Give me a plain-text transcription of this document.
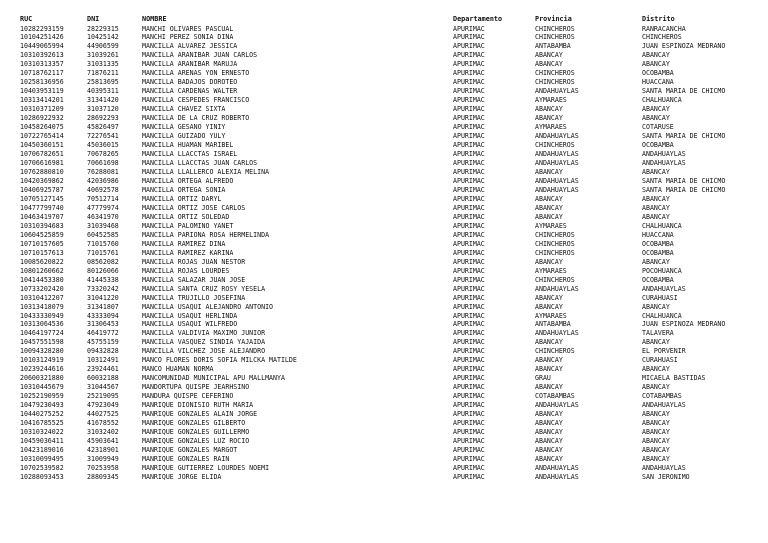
RUC	DNI	NOMBRE	Departamento	Provincia	Distrito
10282293159	28229315	MANCHI OLIVARES PASCUAL	APURIMAC	CHINCHEROS	RANRACANCHA
10104251426	10425142	MANCHI PEREZ SONIA DINA	APURIMAC	CHINCHEROS	CHINCHEROS
10449065994	44906599	MANCILLA ALVAREZ JESSICA	APURIMAC	ANTABAMBA	JUAN ESPINOZA MEDRANO
10310392613	31039261	MANCILLA ARANIBAR JUAN CARLOS	APURIMAC	ABANCAY	ABANCAY
10310313357	31031335	MANCILLA ARANIBAR MARUJA	APURIMAC	ABANCAY	ABANCAY
10718762117	71876211	MANCILLA ARENAS YON ERNESTO	APURIMAC	CHINCHEROS	OCOBAMBA
10258136956	25813695	MANCILLA BADAJOS DOROTEO	APURIMAC	CHINCHEROS	HUACCANA
10403953119	40395311	MANCILLA CARDENAS WALTER	APURIMAC	ANDAHUAYLAS	SANTA MARIA DE CHICMO
10313414201	31341420	MANCILLA CESPEDES FRANCISCO	APURIMAC	AYMARAES	CHALHUANCA
10310371209	31037120	MANCILLA CHAVEZ SIXTA	APURIMAC	ABANCAY	ABANCAY
10286922932	28692293	MANCILLA DE LA CRUZ ROBERTO	APURIMAC	ABANCAY	ABANCAY
10458264075	45826497	MANCILLA GESANO YINIY	APURIMAC	AYMARAES	COTARUSE
10722765414	72276541	MANCILLA GUIZADO YULY	APURIMAC	ANDAHUAYLAS	SANTA MARIA DE CHICMO
10450360151	45036015	MANCILLA HUAMAN MARIBEL	APURIMAC	CHINCHEROS	OCOBAMBA
10706782651	70678265	MANCILLA LLACCTAS ISRAEL	APURIMAC	ANDAHUAYLAS	ANDAHUAYLAS
10706616981	70661698	MANCILLA LLACCTAS JUAN CARLOS	APURIMAC	ANDAHUAYLAS	ANDAHUAYLAS
10762880810	76288081	MANCILLA LLALLERCO ALEXIA MELINA	APURIMAC	ABANCAY	ABANCAY
10420369862	42036986	MANCILLA ORTEGA ALFREDO	APURIMAC	ANDAHUAYLAS	SANTA MARIA DE CHICMO
10406925787	40692578	MANCILLA ORTEGA SONIA	APURIMAC	ANDAHUAYLAS	SANTA MARIA DE CHICMO
10705127145	70512714	MANCILLA ORTIZ DARYL	APURIMAC	ABANCAY	ABANCAY
10477799740	47779974	MANCILLA ORTIZ JOSE CARLOS	APURIMAC	ABANCAY	ABANCAY
10463419707	46341970	MANCILLA ORTIZ SOLEDAD	APURIMAC	ABANCAY	ABANCAY
10310394683	31039468	MANCILLA PALOMINO YANET	APURIMAC	AYMARAES	CHALHUANCA
10604525859	60452585	MANCILLA PARIONA ROSA HERMELINDA	APURIMAC	CHINCHEROS	HUACCANA
10710157605	71015760	MANCILLA RAMIREZ DINA	APURIMAC	CHINCHEROS	OCOBAMBA
10710157613	71015761	MANCILLA RAMIREZ KARINA	APURIMAC	CHINCHEROS	OCOBAMBA
10085620822	08562082	MANCILLA ROJAS JUAN NESTOR	APURIMAC	ABANCAY	ABANCAY
10801260662	80126066	MANCILLA ROJAS LOURDES	APURIMAC	AYMARAES	POCOHUANCA
10414453380	41445338	MANCILLA SALAZAR JUAN JOSE	APURIMAC	CHINCHEROS	OCOBAMBA
10733202420	73320242	MANCILLA SANTA CRUZ ROSY YESELA	APURIMAC	ANDAHUAYLAS	ANDAHUAYLAS
10310412207	31041220	MANCILLA TRUJILLO JOSEFINA	APURIMAC	ABANCAY	CURAHUASI
10313418079	31341807	MANCILLA USAQUI ALEJANDRO ANTONIO	APURIMAC	ABANCAY	ABANCAY
10433330949	43333094	MANCILLA USAQUI HERLINDA	APURIMAC	AYMARAES	CHALHUANCA
10313064536	31306453	MANCILLA USAQUI WILFREDO	APURIMAC	ANTABAMBA	JUAN ESPINOZA MEDRANO
10464197724	46419772	MANCILLA VALDIVIA MAXIMO JUNIOR	APURIMAC	ANDAHUAYLAS	TALAVERA
10457551598	45755159	MANCILLA VASQUEZ SINDIA YAJAIDA	APURIMAC	ABANCAY	ABANCAY
10094328280	09432828	MANCILLA VILCHEZ JOSE ALEJANDRO	APURIMAC	CHINCHEROS	EL PORVENIR
10103124919	10312491	MANCO FLORES DORIS SOFIA MILCKA MATILDE	APURIMAC	ABANCAY	CURAHUASI
10239244616	23924461	MANCO HUAMAN NORMA	APURIMAC	ABANCAY	ABANCAY
20600321880	60032188	MANCOMUNIDAD MUNICIPAL APU MALLMANYA	APURIMAC	GRAU	MICAELA BASTIDAS
10310445679	31044567	MANDORTUPA QUISPE JEARHSIÑO	APURIMAC	ABANCAY	ABANCAY
10252190959	25219095	MANDURA QUISPE CEFERINO	APURIMAC	COTABAMBAS	COTABAMBAS
10479230493	47923049	MANRIQUE DIONISIO RUTH MARIA	APURIMAC	ANDAHUAYLAS	ANDAHUAYLAS
10440275252	44027525	MANRIQUE GONZALES ALAIN JORGE	APURIMAC	ABANCAY	ABANCAY
10416785525	41678552	MANRIQUE GONZALES GILBERTO	APURIMAC	ABANCAY	ABANCAY
10310324022	31032402	MANRIQUE GONZALES GUILLERMO	APURIMAC	ABANCAY	ABANCAY
10459036411	45903641	MANRIQUE GONZALES LUZ ROCIO	APURIMAC	ABANCAY	ABANCAY
10423189016	42318901	MANRIQUE GONZALES MARGOT	APURIMAC	ABANCAY	ABANCAY
10310099495	31009949	MANRIQUE GONZALES RAIN	APURIMAC	ABANCAY	ABANCAY
10702539582	70253958	MANRIQUE GUTIERREZ LOURDES NOEMI	APURIMAC	ANDAHUAYLAS	ANDAHUAYLAS
10288093453	28809345	MANRIQUE JORGE ELIDA	APURIMAC	ANDAHUAYLAS	SAN JERONIMO
